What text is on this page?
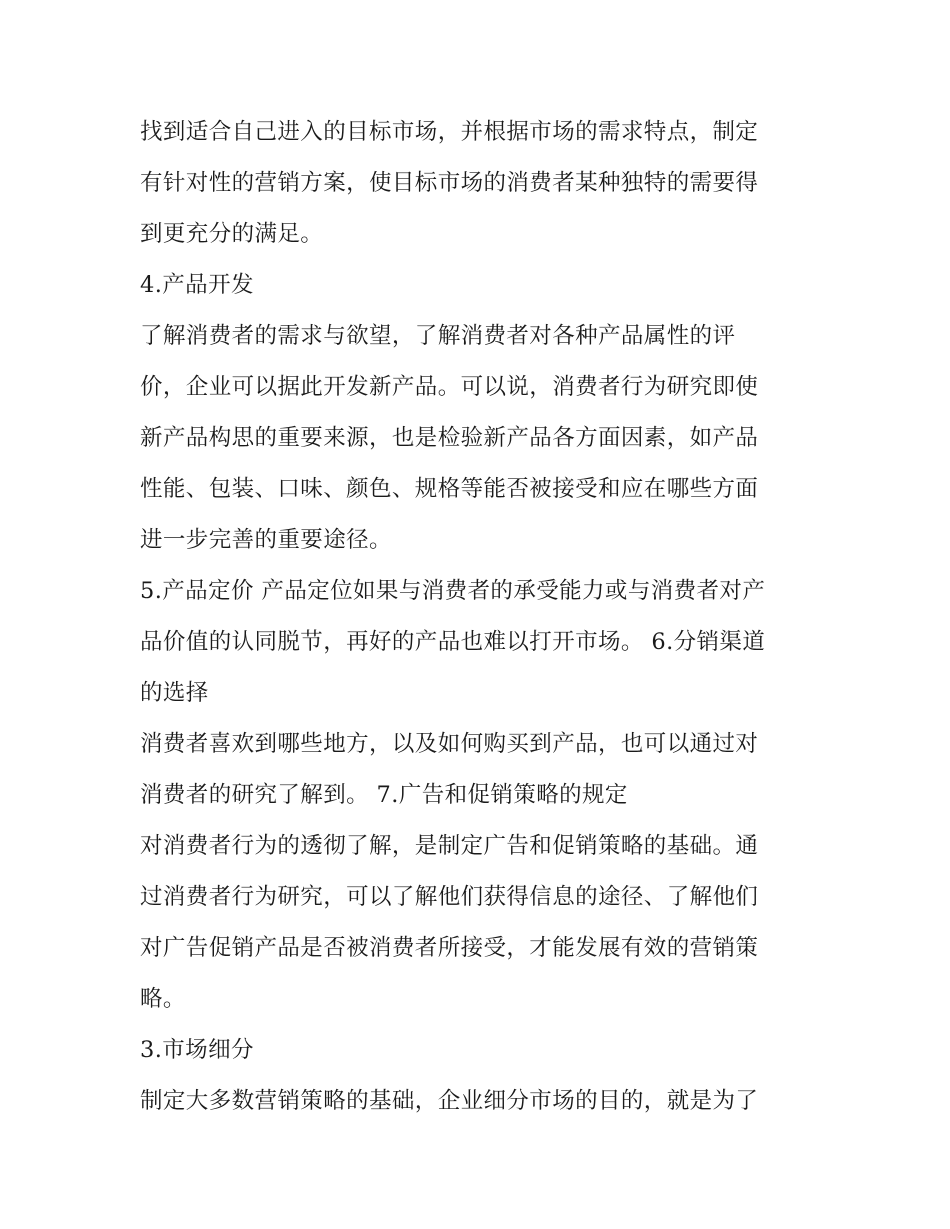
找到适合自己进入的目标市场，并根据市场的需求特点，制定
有针对性的营销方案，使目标市场的消费者某种独特的需要得
到更充分的满足。
4.产品开发
了解消费者的需求与欲望，了解消费者对各种产品属性的评
价，企业可以据此开发新产品。可以说，消费者行为研究即使
新产品构思的重要来源，也是检验新产品各方面因素，如产品
性能、包装、口味、颜色、规格等能否被接受和应在哪些方面
进一步完善的重要途径。
5.产品定价 产品定位如果与消费者的承受能力或与消费者对产
品价值的认同脱节，再好的产品也难以打开市场。 6.分销渠道
的选择
消费者喜欢到哪些地方，以及如何购买到产品，也可以通过对
消费者的研究了解到。 7.广告和促销策略的规定
对消费者行为的透彻了解，是制定广告和促销策略的基础。通
过消费者行为研究，可以了解他们获得信息的途径、了解他们
对广告促销产品是否被消费者所接受，才能发展有效的营销策
略。
3.市场细分
制定大多数营销策略的基础，企业细分市场的目的，就是为了
